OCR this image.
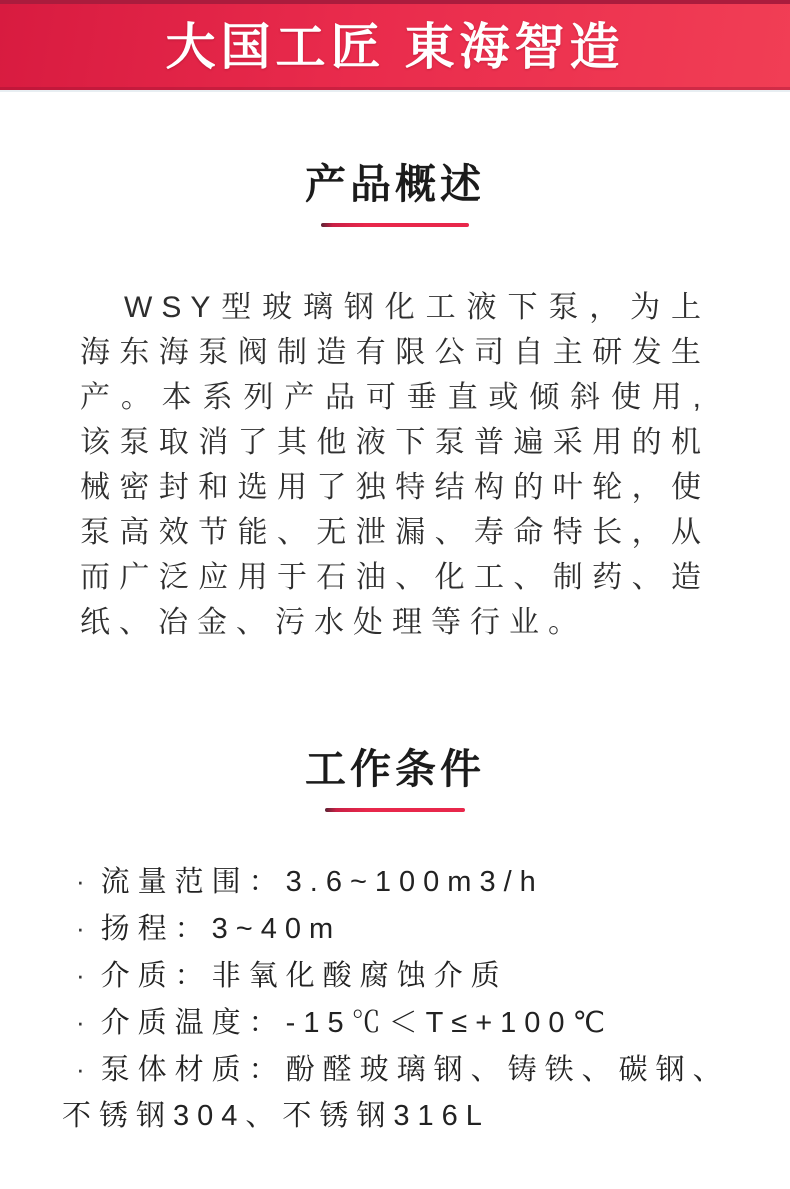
大国工匠 東海智造
产品概述

WSY型玻璃钢化工液下泵，为上海东海泵阀制造有限公司自主研发生产。本系列产品可垂直或倾斜使用,该泵取消了其他液下泵普遍采用的机械密封和选用了独特结构的叶轮，使泵高效节能、无泄漏、寿命特长，从而广泛应用于石油、化工、制药、造纸、冶金、污水处理等行业。

工作条件
· 流量范围：3.6~100m3/h
· 扬程：3~40m
· 介质：非氧化酸腐蚀介质
· 介质温度：-15℃＜T≤+100℃
· 泵体材质：酚醛玻璃钢、铸铁、碳钢、不锈钢304、不锈钢316L
